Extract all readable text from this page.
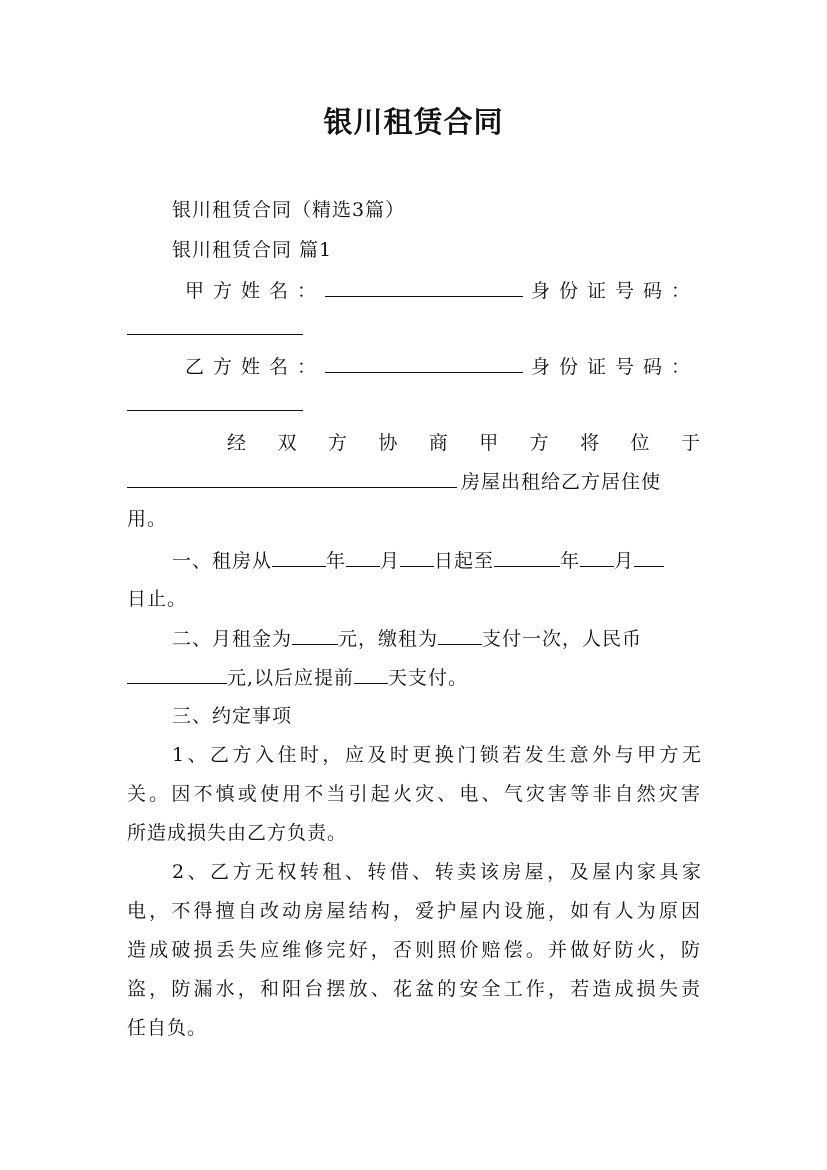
银川租赁合同
银川租赁合同（精选3篇）
银川租赁合同 篇1
甲方姓名：	身份证号码：
乙方姓名：	身份证号码：
经双方协商甲方将位于
房屋出租给乙方居住使
用。
一、租房从	年 月 日起至	年 月
日止。
二、月租金为 元，缴租为 支付一次，人民币
元,以后应提前 天支付。
三、约定事项
1、乙方入住时，应及时更换门锁若发生意外与甲方无
关。因不慎或使用不当引起火灾、电、气灾害等非自然灾害
所造成损失由乙方负责。
2、乙方无权转租、转借、转卖该房屋，及屋内家具家
电，不得擅自改动房屋结构，爱护屋内设施，如有人为原因
造成破损丢失应维修完好，否则照价赔偿。并做好防火，防
盗，防漏水，和阳台摆放、花盆的安全工作，若造成损失责
任自负。
